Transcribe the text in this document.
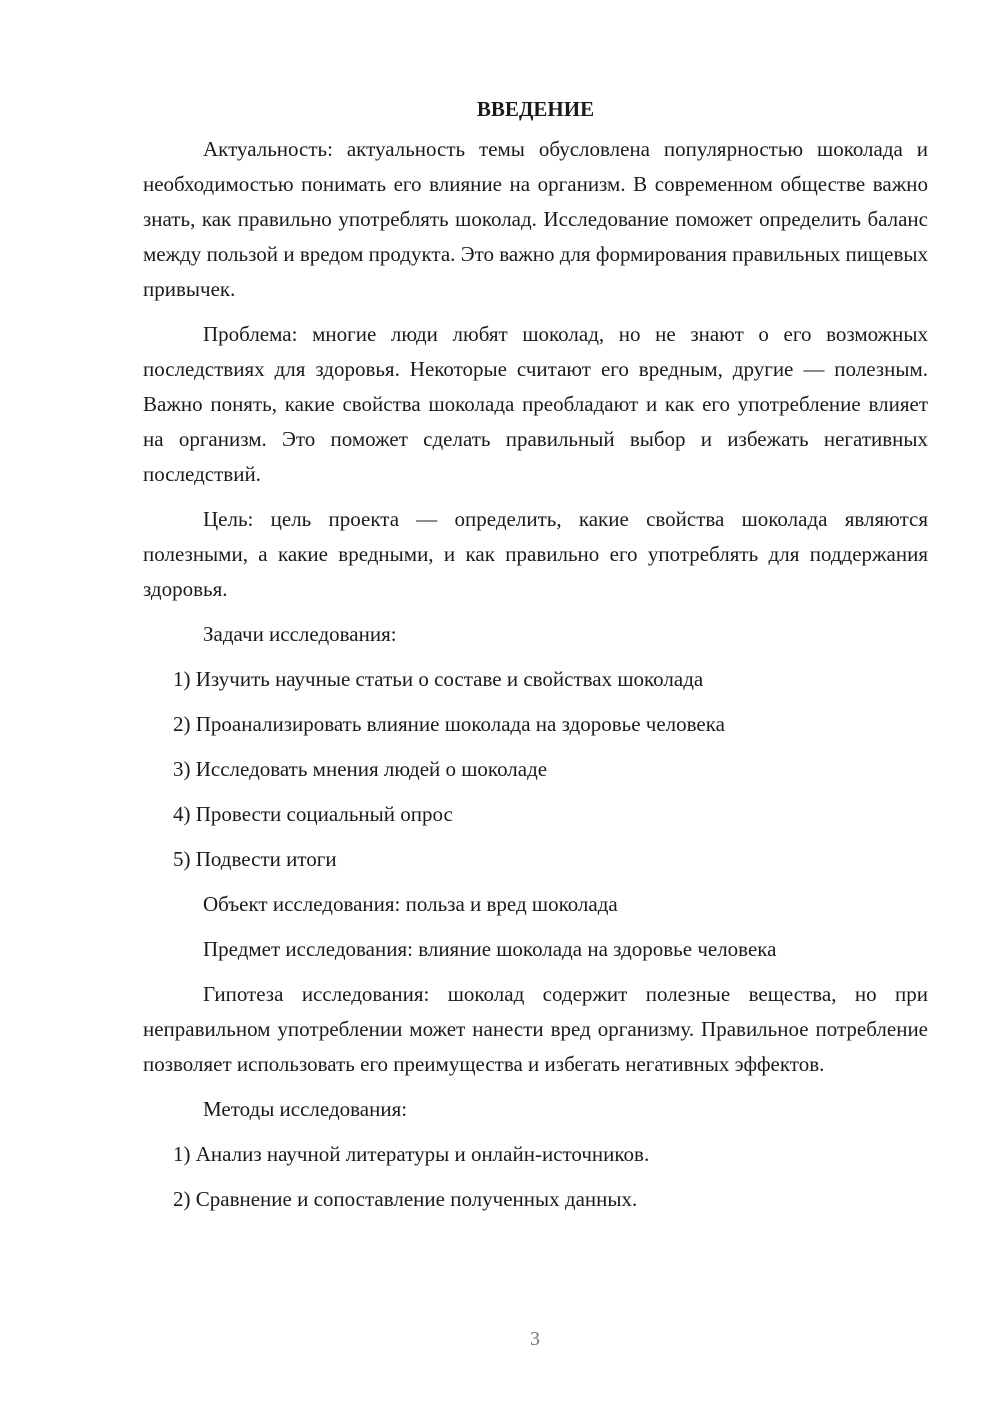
ВВЕДЕНИЕ

Актуальность: актуальность темы обусловлена популярностью шоколада и необходимостью понимать его влияние на организм. В современном обществе важно знать, как правильно употреблять шоколад. Исследование поможет определить баланс между пользой и вредом продукта. Это важно для формирования правильных пищевых привычек.

Проблема: многие люди любят шоколад, но не знают о его возможных последствиях для здоровья. Некоторые считают его вредным, другие — полезным. Важно понять, какие свойства шоколада преобладают и как его употребление влияет на организм. Это поможет сделать правильный выбор и избежать негативных последствий.

Цель: цель проекта — определить, какие свойства шоколада являются полезными, а какие вредными, и как правильно его употреблять для поддержания здоровья.

Задачи исследования:
1) Изучить научные статьи о составе и свойствах шоколада
2) Проанализировать влияние шоколада на здоровье человека
3) Исследовать мнения людей о шоколаде
4) Провести социальный опрос
5) Подвести итоги
Объект исследования: польза и вред шоколада
Предмет исследования: влияние шоколада на здоровье человека

Гипотеза исследования: шоколад содержит полезные вещества, но при неправильном употреблении может нанести вред организму. Правильное потребление позволяет использовать его преимущества и избегать негативных эффектов.

Методы исследования:
1) Анализ научной литературы и онлайн-источников.
2) Сравнение и сопоставление полученных данных.
3
